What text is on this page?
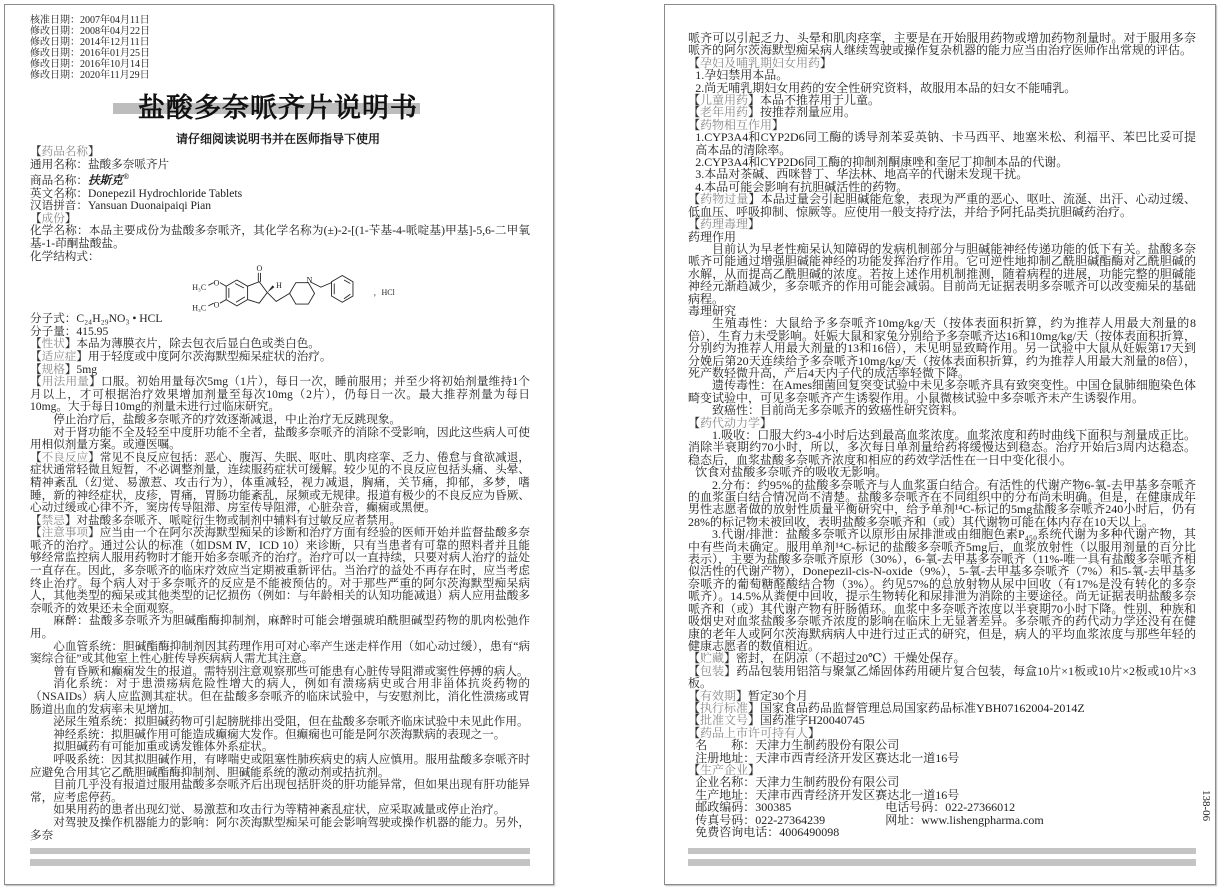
核准日期：2007年04月11日
修改日期：2008年04月22日
修改日期：2014年12月11日
修改日期：2016年01月25日
修改日期：2016年10月14日
修改日期：2020年11月29日
盐酸多奈哌齐片说明书
请仔细阅读说明书并在医师指导下使用
【药品名称】
通用名称：盐酸多奈哌齐片
商品名称：扶斯克®
英文名称：Donepezil Hydrochloride Tablets
汉语拼音：Yansuan Duonaipaiqi Pian
【成份】
化学名称：本品主要成份为盐酸多奈哌齐，其化学名称为(±)-2-[(1-苄基-4-哌啶基)甲基]-5,6-二甲氧基-1-茚酮盐酸盐。
化学结构式：
O
H
N
O
O
H₃C
H₃C
，HCl
分子式：C₂₄H₂₉NO₃ • HCL
分子量：415.95
【性状】本品为薄膜衣片，除去包衣后显白色或类白色。
【适应症】用于轻度或中度阿尔茨海默型痴呆症状的治疗。
【规格】5mg
【用法用量】口服。初始用量每次5mg（1片），每日一次，睡前服用；并至少将初始剂量维持1个月以上，才可根据治疗效果增加剂量至每次10mg（2片），仍每日一次。最大推荐剂量为每日10mg。大于每日10mg的剂量未进行过临床研究。
停止治疗后，盐酸多奈哌齐的疗效逐渐减退，中止治疗无反跳现象。
对于肾功能不全及轻至中度肝功能不全者，盐酸多奈哌齐的消除不受影响，因此这些病人可使用相似剂量方案。或遵医嘱。
【不良反应】常见不良反应包括：恶心、腹泻、失眠、呕吐、肌肉痉挛、乏力、倦怠与食欲减退，症状通常轻微且短暂，不必调整剂量，连续服药症状可缓解。较少见的不良反应包括头痛、头晕、精神紊乱（幻觉、易激惹、攻击行为），体重减轻，视力减退，胸痛，关节痛，抑郁，多梦，嗜睡，新的神经症状，皮疹，胃痛，胃肠功能紊乱，尿频或无规律。报道有极少的不良反应为昏厥、心动过缓或心律不齐，窦房传导阻滞、房室传导阻滞，心脏杂音，癫痫或黑便。
【禁忌】对盐酸多奈哌齐、哌啶衍生物或制剂中辅料有过敏反应者禁用。
【注意事项】应当由一个在阿尔茨海默型痴呆的诊断和治疗方面有经验的医师开始并监督盐酸多奈哌齐的治疗。通过公认的标准（如DSM Ⅳ，ICD 10）来诊断，只有当患者有可靠的照料者并且能够经常监控病人服用药物时才能开始多奈哌齐的治疗。治疗可以一直持续，只要对病人治疗的益处一直存在。因此，多奈哌齐的临床疗效应当定期被重新评估。当治疗的益处不再存在时，应当考虑终止治疗。每个病人对于多奈哌齐的反应是不能被预估的。对于那些严重的阿尔茨海默型痴呆病人，其他类型的痴呆或其他类型的记忆损伤（例如：与年龄相关的认知功能减退）病人应用盐酸多奈哌齐的效果还未全面观察。
麻醉：盐酸多奈哌齐为胆碱酯酶抑制剂，麻醉时可能会增强琥珀酰胆碱型药物的肌肉松弛作用。
心血管系统：胆碱酯酶抑制剂因其药理作用可对心率产生迷走样作用（如心动过缓），患有“病窦综合征”或其他室上性心脏传导疾病病人需尤其注意。
曾有昏厥和癫痫发生的报道。需特别注意观察那些可能患有心脏传导阻滞或窦性停搏的病人。
消化系统：对于患溃疡病危险性增大的病人，例如有溃疡病史或合用非甾体抗炎药物的（NSAIDs）病人应监测其症状。但在盐酸多奈哌齐的临床试验中，与安慰剂比，消化性溃疡或胃肠道出血的发病率未见增加。
泌尿生殖系统：拟胆碱药物可引起膀胱排出受阻，但在盐酸多奈哌齐临床试验中未见此作用。
神经系统：拟胆碱作用可能造成癫痫大发作。但癫痫也可能是阿尔茨海默病的表现之一。
拟胆碱药有可能加重或诱发锥体外系症状。
呼吸系统：因其拟胆碱作用，有哮喘史或阻塞性肺疾病史的病人应慎用。服用盐酸多奈哌齐时应避免合用其它乙酰胆碱酯酶抑制剂、胆碱能系统的激动剂或拮抗剂。
目前几乎没有报道过服用盐酸多奈哌齐后出现包括肝炎的肝功能异常，但如果出现有肝功能异常，应考虑停药。
如果用药的患者出现幻觉、易激惹和攻击行为等精神紊乱症状，应采取减量或停止治疗。
对驾驶及操作机器能力的影响：阿尔茨海默型痴呆可能会影响驾驶或操作机器的能力。另外，多奈
哌齐可以引起乏力、头晕和肌肉痉挛，主要是在开始服用药物或增加药物剂量时。对于服用多奈哌齐的阿尔茨海默型痴呆病人继续驾驶或操作复杂机器的能力应当由治疗医师作出常规的评估。
【孕妇及哺乳期妇女用药】
1.孕妇禁用本品。
2.尚无哺乳期妇女用药的安全性研究资料，故服用本品的妇女不能哺乳。
【儿童用药】本品不推荐用于儿童。
【老年用药】按推荐剂量应用。
【药物相互作用】
1.CYP3A4和CYP2D6同工酶的诱导剂苯妥英钠、卡马西平、地塞米松、利福平、苯巴比妥可提高本品的清除率。
2.CYP3A4和CYP2D6同工酶的抑制剂酮康唑和奎尼丁抑制本品的代谢。
3.本品对茶碱、西咪替丁、华法林、地高辛的代谢未发现干扰。
4.本品可能会影响有抗胆碱活性的药物。
【药物过量】本品过量会引起胆碱能危象，表现为严重的恶心、呕吐、流涎、出汗、心动过缓、低血压、呼吸抑制、惊厥等。应使用一般支持疗法，并给予阿托品类抗胆碱药治疗。
【药理毒理】
药理作用
目前认为早老性痴呆认知障碍的发病机制部分与胆碱能神经传递功能的低下有关。盐酸多奈哌齐可能通过增强胆碱能神经的功能发挥治疗作用。它可逆性地抑制乙酰胆碱酯酶对乙酰胆碱的水解，从而提高乙酰胆碱的浓度。若按上述作用机制推测，随着病程的进展，功能完整的胆碱能神经元渐趋减少，多奈哌齐的作用可能会减弱。目前尚无证据表明多奈哌齐可以改变痴呆的基础病程。
毒理研究
生殖毒性：大鼠给予多奈哌齐10mg/kg/天（按体表面积折算，约为推荐人用最大剂量的8倍），生育力未受影响。妊娠大鼠和家兔分别给予多奈哌齐达16和10mg/kg/天（按体表面积折算，分别约为推荐人用最大剂量的13和16倍），未见明显致畸作用。另一试验中大鼠从妊娠第17天到分娩后第20天连续给予多奈哌齐10mg/kg/天（按体表面积折算，约为推荐人用最大剂量的8倍），死产数轻微升高，产后4天内子代的成活率轻微下降。
遗传毒性：在Ames细菌回复突变试验中未见多奈哌齐具有致突变性。中国仓鼠肺细胞染色体畸变试验中，可见多奈哌齐产生诱裂作用。小鼠微核试验中多奈哌齐未产生诱裂作用。
致癌性：目前尚无多奈哌齐的致癌性研究资料。
【药代动力学】
1.吸收：口服大约3-4小时后达到最高血浆浓度。血浆浓度和药时曲线下面积与剂量成正比。消除半衰期约70小时，所以，多次每日单剂量给药将缓慢达到稳态。治疗开始后3周内达稳态。稳态后，血浆盐酸多奈哌齐浓度和相应的药效学活性在一日中变化很小。
饮食对盐酸多奈哌齐的吸收无影响。
2.分布：约95%的盐酸多奈哌齐与人血浆蛋白结合。有活性的代谢产物6-氧-去甲基多奈哌齐的血浆蛋白结合情况尚不清楚。盐酸多奈哌齐在不同组织中的分布尚未明确。但是，在健康成年男性志愿者做的放射性质量平衡研究中，给予单剂¹⁴C-标记的5mg盐酸多奈哌齐240小时后，仍有28%的标记物未被回收，表明盐酸多奈哌齐和（或）其代谢物可能在体内存在10天以上。
3.代谢/排泄：盐酸多奈哌齐以原形由尿排泄或由细胞色素P₄₅₀系统代谢为多种代谢产物，其中有些尚未确定。服用单剂¹⁴C-标记的盐酸多奈哌齐5mg后，血浆放射性（以服用剂量的百分比表示），主要为盐酸多奈哌齐原形（30%），6-氧-去甲基多奈哌齐（11%-唯一具有盐酸多奈哌齐相似活性的代谢产物），Donepezil-cis-N-oxide（9%），5-氧-去甲基多奈哌齐（7%）和5-氧-去甲基多奈哌齐的葡萄糖醛酸结合物（3%）。约见57%的总放射物从尿中回收（有17%是没有转化的多奈哌齐）。14.5%从粪便中回收，提示生物转化和尿排泄为消除的主要途径。尚无证据表明盐酸多奈哌齐和（或）其代谢产物有肝肠循环。血浆中多奈哌齐浓度以半衰期70小时下降。性别、种族和吸烟史对血浆盐酸多奈哌齐浓度的影响在临床上无显著差异。多奈哌齐的药代动力学还没有在健康的老年人或阿尔茨海默病病人中进行过正式的研究，但是，病人的平均血浆浓度与那些年轻的健康志愿者的数值相近。
【贮藏】密封，在阴凉（不超过20℃）干燥处保存。
【包装】药品包装用铝箔与聚氯乙烯固体药用硬片复合包装，每盒10片×1板或10片×2板或10片×3板。
【有效期】暂定30个月
【执行标准】国家食品药品监督管理总局国家药品标准YBH07162004-2014Z
【批准文号】国药准字H20040745
【药品上市许可持有人】
名　　称：天津力生制药股份有限公司
注册地址：天津市西青经济开发区赛达北一道16号
【生产企业】
企业名称：天津力生制药股份有限公司
生产地址：天津市西青经济开发区赛达北一道16号
邮政编码：300385	电话号码：022-27366012
传真号码：022-27364239	网址：www.lishengpharma.com
免费咨询电话：4006490098
138-06
